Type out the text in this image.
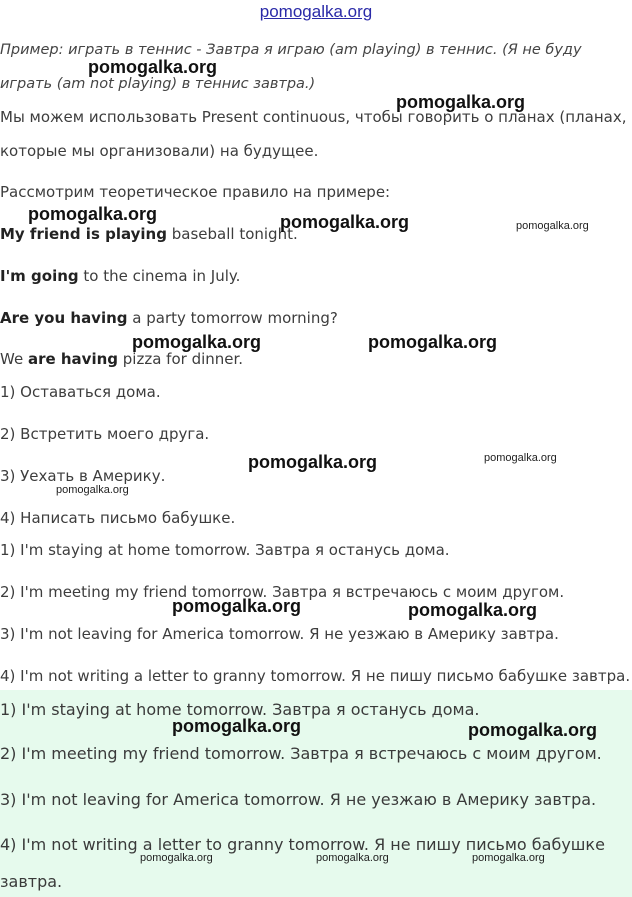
pomogalka.org
Пример: играть в теннис - Завтра я играю (am playing) в теннис. (Я не буду
играть (am not playing) в теннис завтра.)
Мы можем использовать Present continuous, чтобы говорить о планах (планах,
которые мы организовали) на будущее.
Рассмотрим теоретическое правило на примере:
My friend is playing baseball tonight.
I'm going to the cinema in July.
Are you having a party tomorrow morning?
We are having pizza for dinner.
1) Оставаться дома.
2) Встретить моего друга.
3) Уехать в Америку.
4) Написать письмо бабушке.
1) I'm staying at home tomorrow. Завтра я останусь дома.
2) I'm meeting my friend tomorrow. Завтра я встречаюсь с моим другом.
3) I'm not leaving for America tomorrow. Я не уезжаю в Америку завтра.
4) I'm not writing a letter to granny tomorrow. Я не пишу письмо бабушке завтра.
1) I'm staying at home tomorrow. Завтра я останусь дома.
2) I'm meeting my friend tomorrow. Завтра я встречаюсь с моим другом.
3) I'm not leaving for America tomorrow. Я не уезжаю в Америку завтра.
4) I'm not writing a letter to granny tomorrow. Я не пишу письмо бабушке
завтра.
pomogalka.org
pomogalka.org
pomogalka.org	pomogalka.org	pomogalka.org
pomogalka.org	pomogalka.org
pomogalka.org	pomogalka.org
pomogalka.org
pomogalka.org	pomogalka.org
pomogalka.org	pomogalka.org
pomogalka.org	pomogalka.org	pomogalka.org
